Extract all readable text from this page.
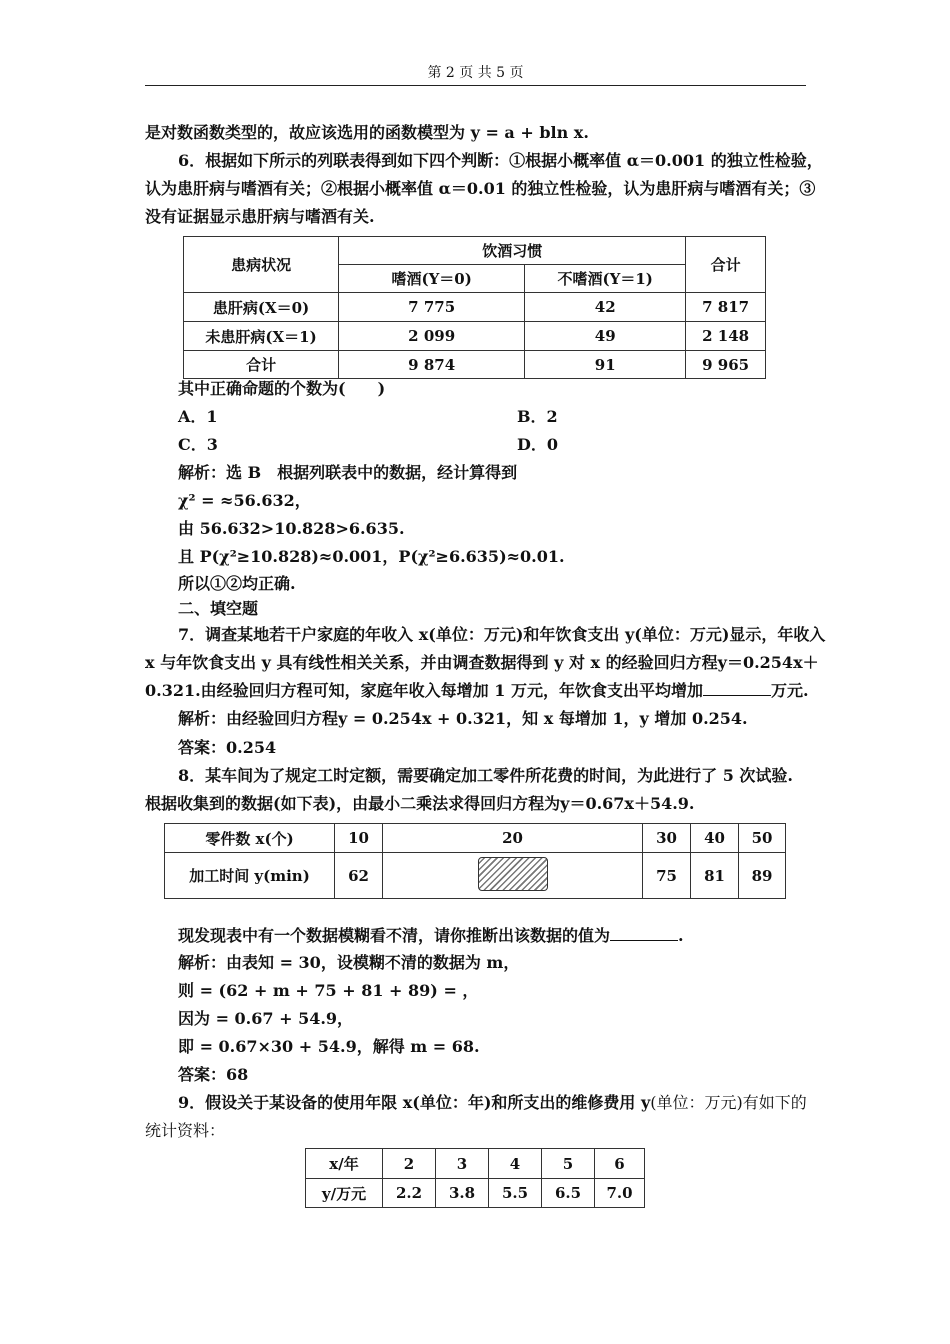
第 2 页 共 5 页
是对数函数类型的，故应该选用的函数模型为 y = a + bln x.
6．根据如下所示的列联表得到如下四个判断：①根据小概率值 α＝0.001 的独立性检验，
认为患肝病与嗜酒有关；②根据小概率值 α＝0.01 的独立性检验，认为患肝病与嗜酒有关；③
没有证据显示患肝病与嗜酒有关.
患病状况	饮酒习惯		合计
	嗜酒(Y＝0)	不嗜酒(Y＝1)	
患肝病(X＝0)	7 775	42	7 817
未患肝病(X＝1)	2 099	49	2 148
合计	9 874	91	9 965
其中正确命题的个数为(　　)
A．1	B．2
C．3	D．0
解析：选 B　根据列联表中的数据，经计算得到
χ² = ≈56.632，
由 56.632>10.828>6.635.
且 P(χ²≥10.828)≈0.001，P(χ²≥6.635)≈0.01.
所以①②均正确.
二、填空题
7．调查某地若干户家庭的年收入 x(单位：万元)和年饮食支出 y(单位：万元)显示，年收入
x 与年饮食支出 y 具有线性相关关系，并由调查数据得到 y 对 x 的经验回归方程y＝0.254x＋
0.321.由经验回归方程可知，家庭年收入每增加 1 万元，年饮食支出平均增加	万元.
解析：由经验回归方程y = 0.254x + 0.321，知 x 每增加 1，y 增加 0.254.
答案：0.254
8．某车间为了规定工时定额，需要确定加工零件所花费的时间，为此进行了 5 次试验.
根据收集到的数据(如下表)，由最小二乘法求得回归方程为y＝0.67x＋54.9.
零件数 x(个)	10	20	30	40	50
加工时间 y(min)	62		75	81	89
现发现表中有一个数据模糊看不清，请你推断出该数据的值为	.
解析：由表知 = 30，设模糊不清的数据为 m，
则 = (62 + m + 75 + 81 + 89) = ，
因为 = 0.67 + 54.9，
即 = 0.67×30 + 54.9，解得 m = 68.
答案：68
9．假设关于某设备的使用年限 x(单位：年)和所支出的维修费用 y(单位：万元)有如下的
统计资料：
x/年	2	3	4	5	6
y/万元	2.2	3.8	5.5	6.5	7.0
